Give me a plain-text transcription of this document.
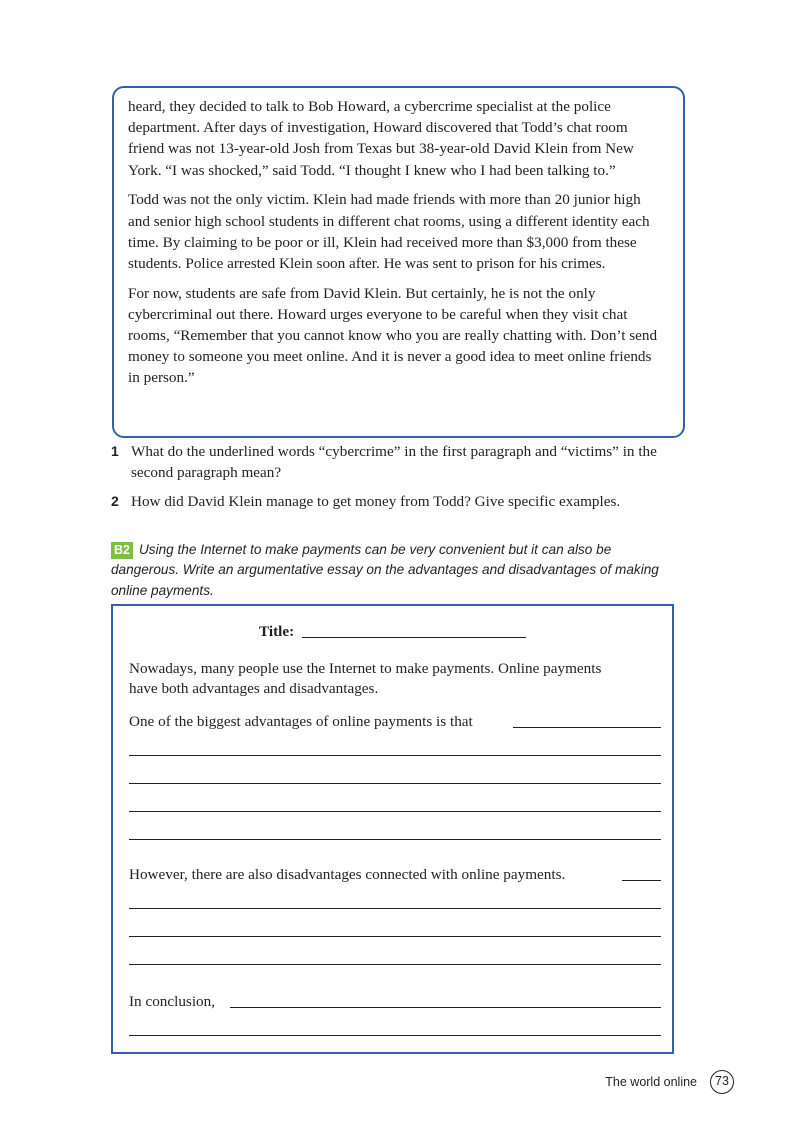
heard, they decided to talk to Bob Howard, a cybercrime specialist at the police department. After days of investigation, Howard discovered that Todd’s chat room friend was not 13-year-old Josh from Texas but 38-year-old David Klein from New York. “I was shocked,” said Todd. “I thought I knew who I had been talking to.”

Todd was not the only victim. Klein had made friends with more than 20 junior high and senior high school students in different chat rooms, using a different identity each time. By claiming to be poor or ill, Klein had received more than $3,000 from these students. Police arrested Klein soon after. He was sent to prison for his crimes.

For now, students are safe from David Klein. But certainly, he is not the only cybercriminal out there. Howard urges everyone to be careful when they visit chat rooms, “Remember that you cannot know who you are really chatting with. Don’t send money to someone you meet online. And it is never a good idea to meet online friends in person.”

1 What do the underlined words “cybercrime” in the first paragraph and “victims” in the second paragraph mean?
2 How did David Klein manage to get money from Todd? Give specific examples.
B2 Using the Internet to make payments can be very convenient but it can also be dangerous. Write an argumentative essay on the advantages and disadvantages of making online payments.
Title:
Nowadays, many people use the Internet to make payments. Online payments
have both advantages and disadvantages.
One of the biggest advantages of online payments is that
However, there are also disadvantages connected with online payments.
In conclusion,
The world online	73
